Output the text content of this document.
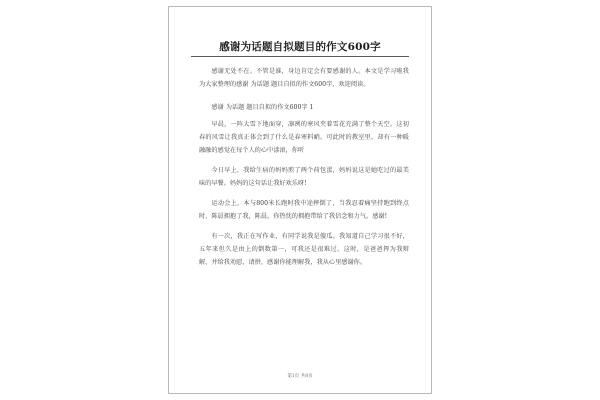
感谢为话题自拟题目的作文600字

感谢无处不在。不管是谁，身边肯定会有要感谢的人。本文是学习啦我为大家整理的感谢 为话题 题目自拟的作文600字，欢迎阅读。

感谢 为话题 题目自拟的作文600字 1

早晨，一阵大雪下地面穿，凛冽的寒风夹着雪花充满了整个天空。这初春的风雪让我真正体会到了什么是春寒料峭。可此时的教室里，却有一种暖融融的感觉在每个人的心中漾滚，你听

今日早上，我给生病的妈妈煎了两个荷包蛋，妈妈说这是她吃过的最美味的早餐。妈妈的这句话让我好欢乐呀!

运动会上，本与800米长跑时我中途摔倒了，当我忍着痛坚持跑到终点时，陈晨拥抱了我，陈晨，你热忱的拥抱带给了我信念和力气。感谢!

有一次，我正在写作业，有同学说我是傻瓜。我知道自己学习很不好，五年来但久是由上的倒数第一，可我还是很难过。这时，是爸爸挥为我辩解，并给我劝慰、请拼，感谢你能理解我，我从心里感谢你。

第1页 共8页
